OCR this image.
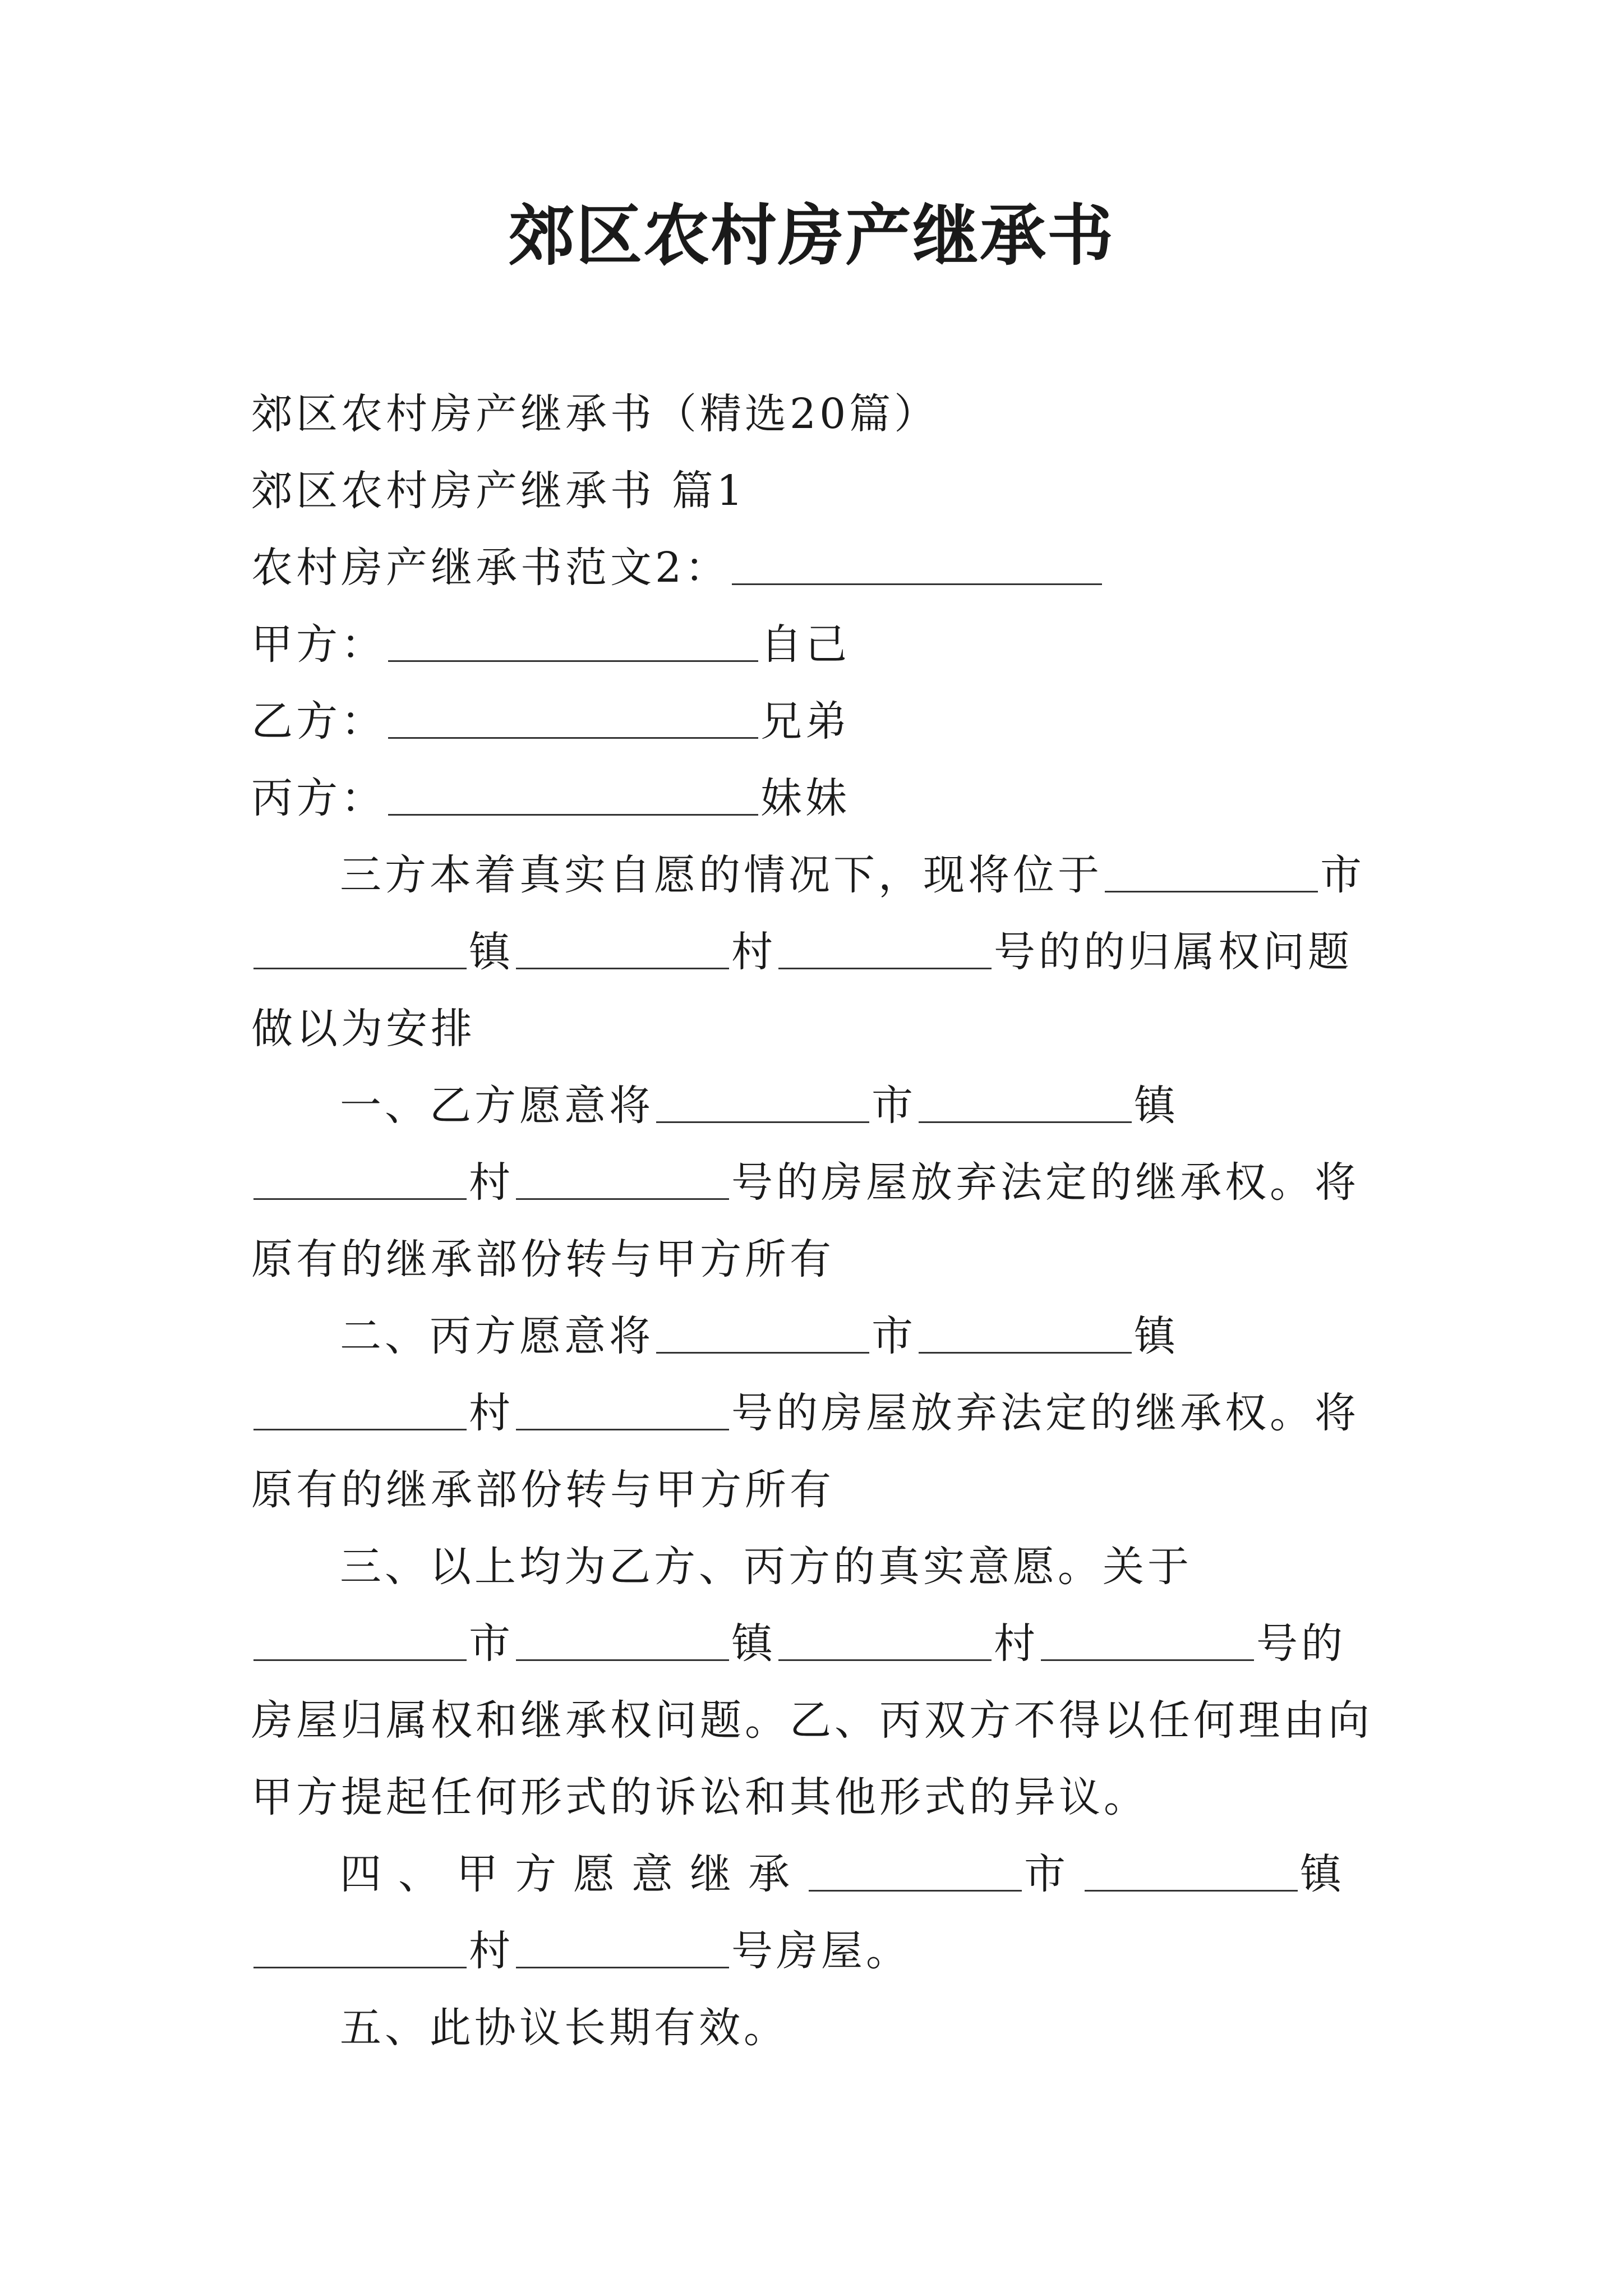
郊区农村房产继承书

郊区农村房产继承书（精选20篇）

郊区农村房产继承书 篇1

农村房产继承书范文2：

甲方：	自己

乙方：	兄弟

丙方：	妹妹

三方本着真实自愿的情况下，现将位于	市镇	村	号的的归属权问题做以为安排

一、乙方愿意将	市	镇村	号的房屋放弃法定的继承权。将原有的继承部份转与甲方所有

二、丙方愿意将	市	镇村	号的房屋放弃法定的继承权。将原有的继承部份转与甲方所有

三、以上均为乙方、丙方的真实意愿。关于市	镇	村	号的房屋归属权和继承权问题。乙、丙双方不得以任何理由向甲方提起任何形式的诉讼和其他形式的异议。

四、甲方愿意继承	市	镇村	号房屋。

五、此协议长期有效。
